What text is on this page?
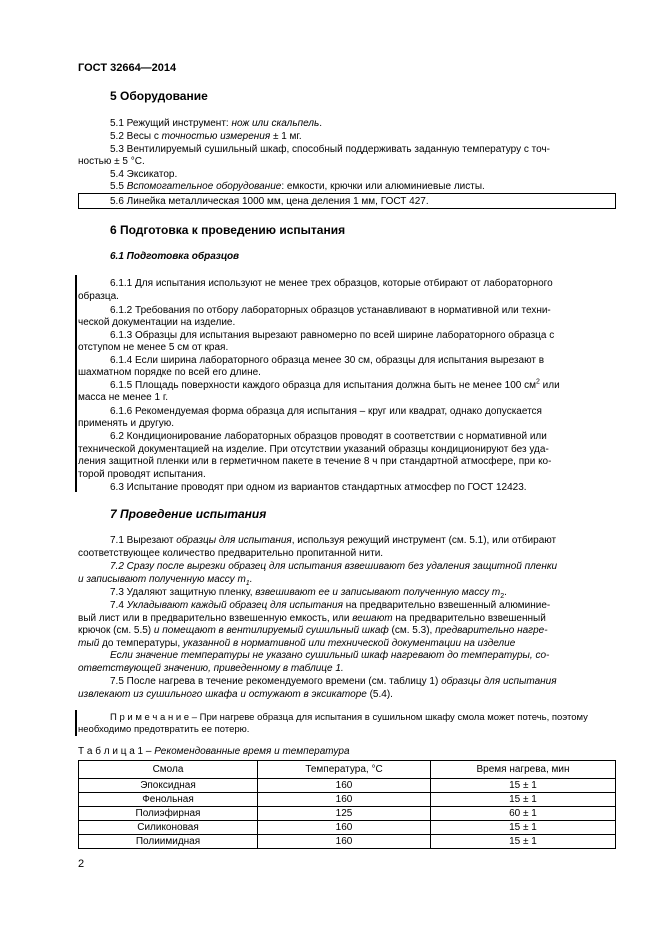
ГОСТ 32664—2014
5 Оборудование
5.1 Режущий инструмент: нож или скальпель.
5.2 Весы с точностью измерения ± 1 мг.
5.3 Вентилируемый сушильный шкаф, способный поддерживать заданную температуру с точ-
ностью ± 5 °С.
5.4 Эксикатор.
5.5 Вспомогательное оборудование: емкости, крючки или алюминиевые листы.
5.6 Линейка металлическая 1000 мм, цена деления 1 мм, ГОСТ 427.
6 Подготовка к проведению испытания
6.1 Подготовка образцов
6.1.1 Для испытания используют не менее трех образцов, которые отбирают от лабораторного
образца.
6.1.2 Требования по отбору лабораторных образцов устанавливают в нормативной или техни-
ческой документации на изделие.
6.1.3 Образцы для испытания вырезают равномерно по всей ширине лабораторного образца с
отступом не менее 5 см от края.
6.1.4 Если ширина лабораторного образца менее 30 см, образцы для испытания вырезают в
шахматном порядке по всей его длине.
6.1.5 Площадь поверхности каждого образца для испытания должна быть не менее 100 $см^2$ или
масса не менее 1 г.
6.1.6 Рекомендуемая форма образца для испытания – круг или квадрат, однако допускается
применять и другую.
6.2 Кондиционирование лабораторных образцов проводят в соответствии с нормативной или
технической документацией на изделие. При отсутствии указаний образцы кондиционируют без уда-
ления защитной пленки или в герметичном пакете в течение 8 ч при стандартной атмосфере, при ко-
торой проводят испытания.
6.3 Испытание проводят при одном из вариантов стандартных атмосфер по ГОСТ 12423.
7 Проведение испытания
7.1 Вырезают образцы для испытания, используя режущий инструмент (см. 5.1), или отбирают
соответствующее количество предварительно пропитанной нити.
7.2 Сразу после вырезки образец для испытания взвешивают без удаления защитной пленки
и записывают полученную массу $m_1$.
7.3 Удаляют защитную пленку, взвешивают ее и записывают полученную массу $m_2$.
7.4 Укладывают каждый образец для испытания на предварительно взвешенный алюминие-
вый лист или в предварительно взвешенную емкость, или вешают на предварительно взвешенный
крючок (см. 5.5) и помещают в вентилируемый сушильный шкаф (см. 5.3), предварительно нагре-
тый до температуры, указанной в нормативной или технической документации на изделие
Если значение температуры не указано сушильный шкаф нагревают до температуры, со-
ответствующей значению, приведенному в таблице 1.
7.5 После нагрева в течение рекомендуемого времени (см. таблицу 1) образцы для испытания
извлекают из сушильного шкафа и остужают в эксикаторе (5.4).
П р и м е ч а н и е – При нагреве образца для испытания в сушильном шкафу смола может потечь, поэтому
необходимо предотвратить ее потерю.
Т а б л и ц а 1 – Рекомендованные время и температура
Смола	Температура, °С	Время нагрева, мин
Эпоксидная	160	15 ± 1
Фенольная	160	15 ± 1
Полиэфирная	125	60 ± 1
Силиконовая	160	15 ± 1
Полиимидная	160	15 ± 1
2
